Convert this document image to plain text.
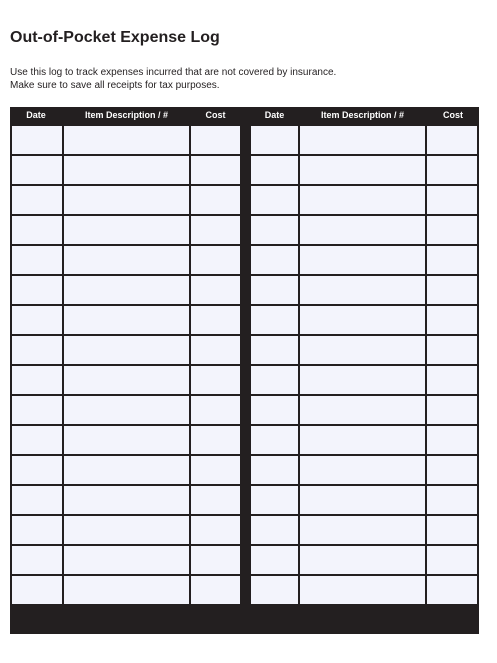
Out-of-Pocket Expense Log
Use this log to track expenses incurred that are not covered by insurance.
Make sure to save all receipts for tax purposes.
Date	Item Description / #	Cost	Date	Item Description / #	Cost
